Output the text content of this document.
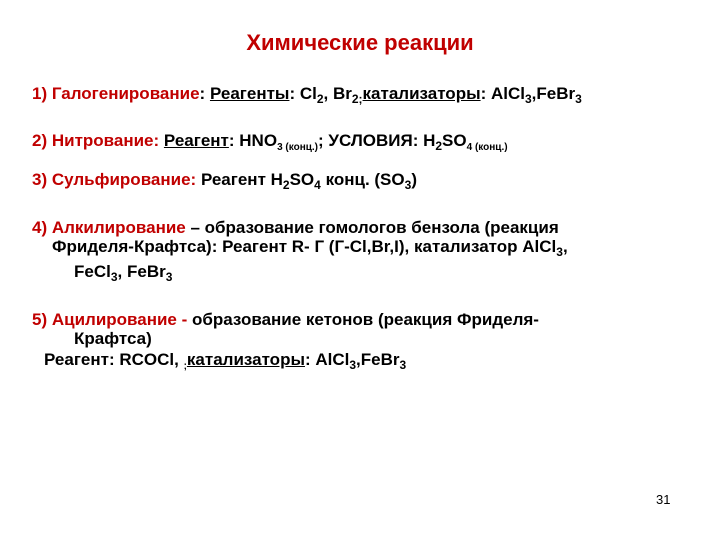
Химические реакции
1) Галогенирование: Реагенты: $Cl_2$, $Br_{2;}катализаторы$: AlCl$_3$,FeBr$_3$
2) Нитрование: Реагент: $HNO_{3 (конц.)}$; УСЛОВИЯ: $H_2SO_{4 (конц.)}$
3) Сульфирование: Реагент $H_2SO_4$ конц. $(SO_3)$
4) Алкилирование – образование гомологов бензола (реакция
Фриделя-Крафтса): Реагент R- Г (Г-Cl,Br,I), катализатор AlCl$_3$,
FeCl$_3$, FeBr$_3$
5) Ацилирование - образование кетонов (реакция Фриделя-
Крафтса)
Реагент: RCOCl, $_;$катализаторы: AlCl$_3$,FeBr$_3$
31
